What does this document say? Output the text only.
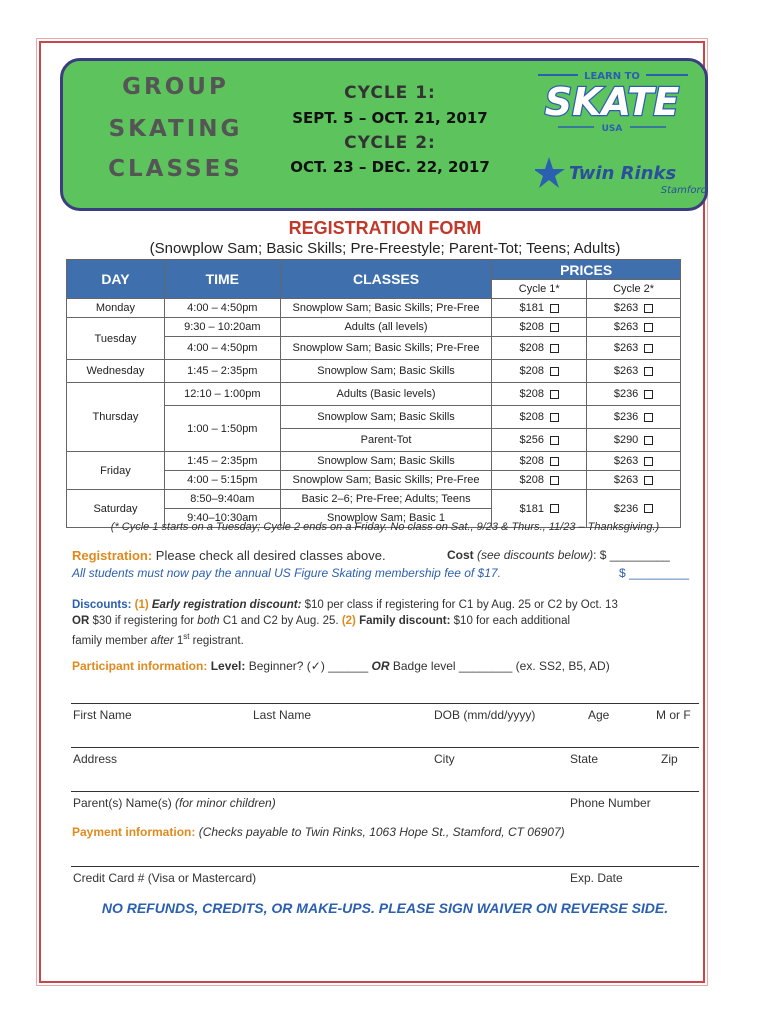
GROUP
SKATING
CLASSES
CYCLE 1:
SEPT. 5 – OCT. 21, 2017
CYCLE 2:
OCT. 23 – DEC. 22, 2017
LEARN TO
SKATE
USA
Twin Rinks
Stamford
REGISTRATION FORM
(Snowplow Sam; Basic Skills; Pre-Freestyle; Parent-Tot; Teens; Adults)
DAY	TIME	CLASSES	PRICES	
			Cycle 1*	Cycle 2*
Monday	4:00 – 4:50pm	Snowplow Sam; Basic Skills; Pre-Free	$181	$263
Tuesday	9:30 – 10:20am	Adults (all levels)	$208	$263
	4:00 – 4:50pm	Snowplow Sam; Basic Skills; Pre-Free	$208	$263
Wednesday	1:45 – 2:35pm	Snowplow Sam; Basic Skills	$208	$263
Thursday	12:10 – 1:00pm	Adults (Basic levels)	$208	$236
	1:00 – 1:50pm	Snowplow Sam; Basic Skills	$208	$236
		Parent-Tot	$256	$290
Friday	1:45 – 2:35pm	Snowplow Sam; Basic Skills	$208	$263
	4:00 – 5:15pm	Snowplow Sam; Basic Skills; Pre-Free	$208	$263
Saturday	8:50–9:40am	Basic 2–6; Pre-Free; Adults; Teens	$181	$236
	9:40–10:30am	Snowplow Sam; Basic 1		
(* Cycle 1 starts on a Tuesday; Cycle 2 ends on a Friday. No class on Sat., 9/23 & Thurs., 11/23 – Thanksgiving.)
Registration: Please check all desired classes above.	Cost (see discounts below): $ _________
All students must now pay the annual US Figure Skating membership fee of $17.	$ _________
Discounts: (1) Early registration discount: $10 per class if registering for C1 by Aug. 25 or C2 by Oct. 13
OR $30 if registering for both C1 and C2 by Aug. 25. (2) Family discount: $10 for each additional
family member after 1st registrant.
Participant information: Level: Beginner? (✓) ______ OR Badge level ________ (ex. SS2, B5, AD)
First Name	Last Name	DOB (mm/dd/yyyy)	Age	M or F
Address	City	State	Zip
Parent(s) Name(s) (for minor children)	Phone Number
Payment information: (Checks payable to Twin Rinks, 1063 Hope St., Stamford, CT 06907)
Credit Card # (Visa or Mastercard)	Exp. Date
NO REFUNDS, CREDITS, OR MAKE-UPS. PLEASE SIGN WAIVER ON REVERSE SIDE.
